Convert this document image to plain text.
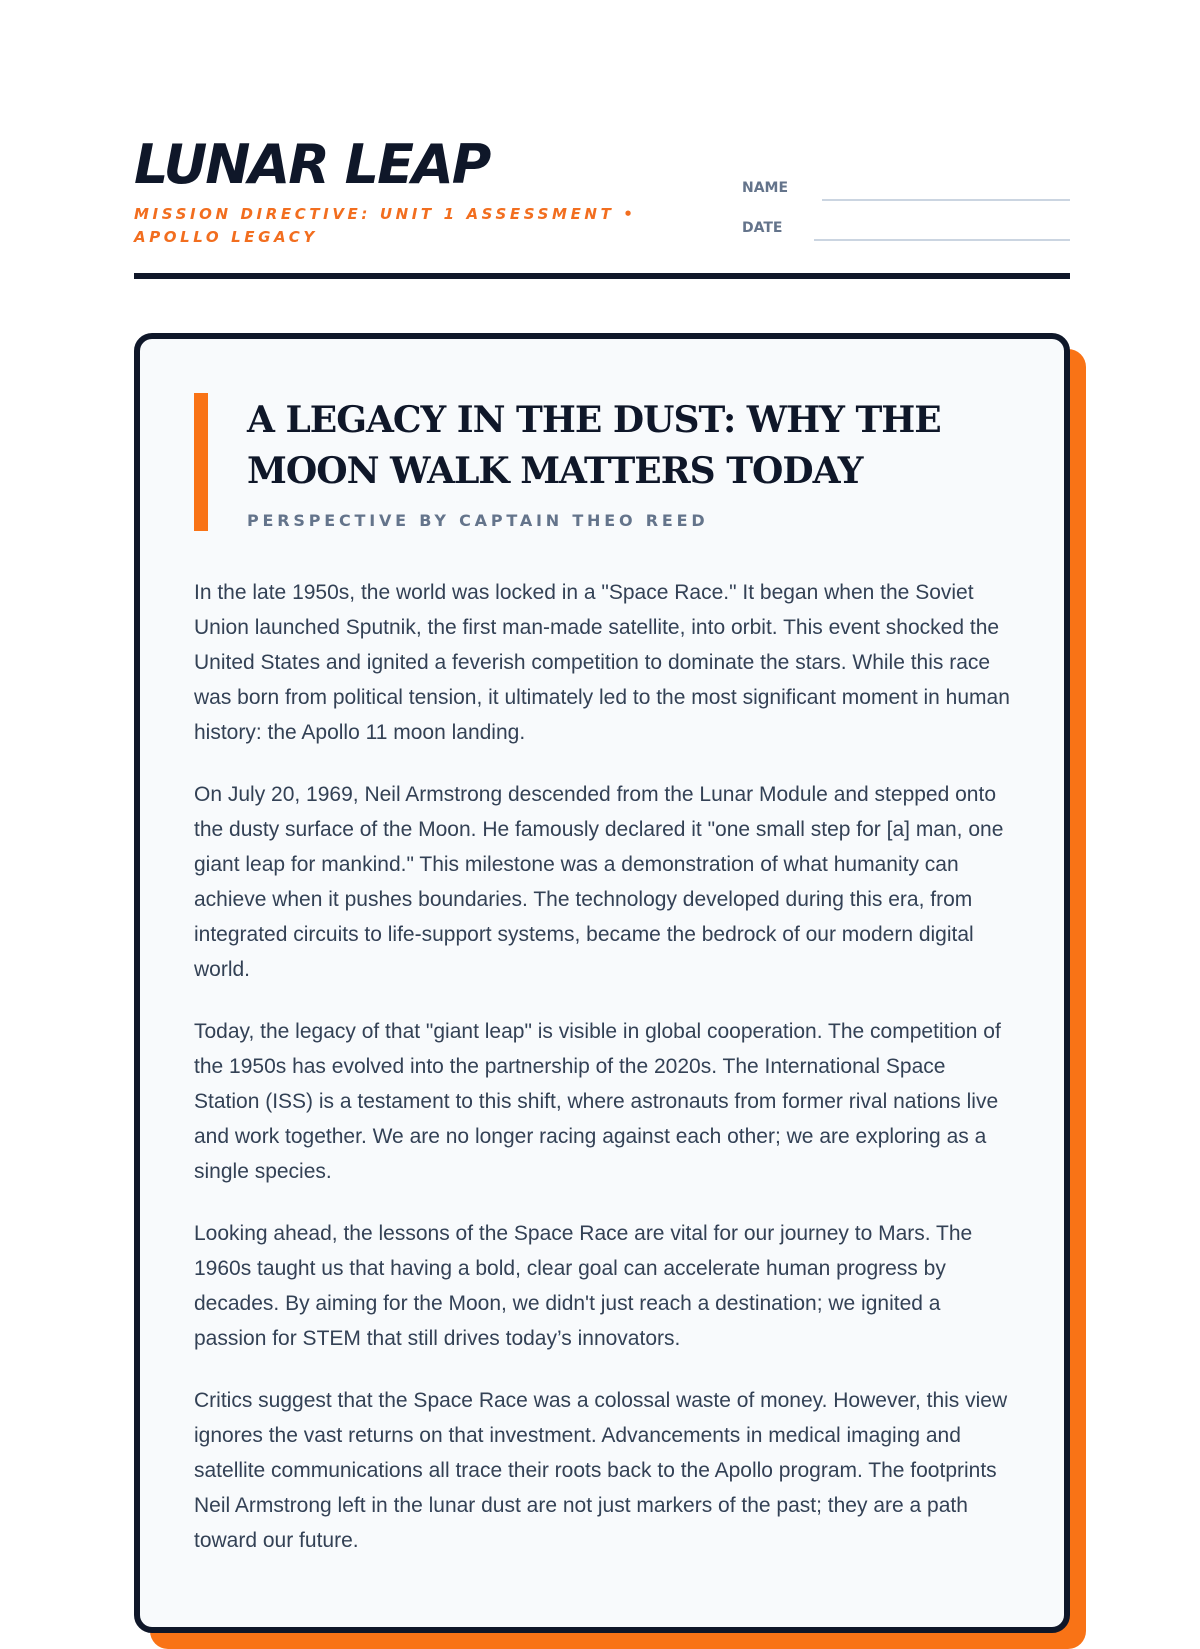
LUNAR LEAP
MISSION DIRECTIVE: UNIT 1 ASSESSMENT • APOLLO LEGACY
NAME
DATE
A LEGACY IN THE DUST: WHY THE MOON WALK MATTERS TODAY
PERSPECTIVE BY CAPTAIN THEO REED

In the late 1950s, the world was locked in a "Space Race." It began when the Soviet Union launched Sputnik, the first man-made satellite, into orbit. This event shocked the United States and ignited a feverish competition to dominate the stars. While this race was born from political tension, it ultimately led to the most significant moment in human history: the Apollo 11 moon landing.

On July 20, 1969, Neil Armstrong descended from the Lunar Module and stepped onto the dusty surface of the Moon. He famously declared it "one small step for [a] man, one giant leap for mankind." This milestone was a demonstration of what humanity can achieve when it pushes boundaries. The technology developed during this era, from integrated circuits to life-support systems, became the bedrock of our modern digital world.

Today, the legacy of that "giant leap" is visible in global cooperation. The competition of the 1950s has evolved into the partnership of the 2020s. The International Space Station (ISS) is a testament to this shift, where astronauts from former rival nations live and work together. We are no longer racing against each other; we are exploring as a single species.

Looking ahead, the lessons of the Space Race are vital for our journey to Mars. The 1960s taught us that having a bold, clear goal can accelerate human progress by decades. By aiming for the Moon, we didn't just reach a destination; we ignited a passion for STEM that still drives today’s innovators.

Critics suggest that the Space Race was a colossal waste of money. However, this view ignores the vast returns on that investment. Advancements in medical imaging and satellite communications all trace their roots back to the Apollo program. The footprints Neil Armstrong left in the lunar dust are not just markers of the past; they are a path toward our future.
